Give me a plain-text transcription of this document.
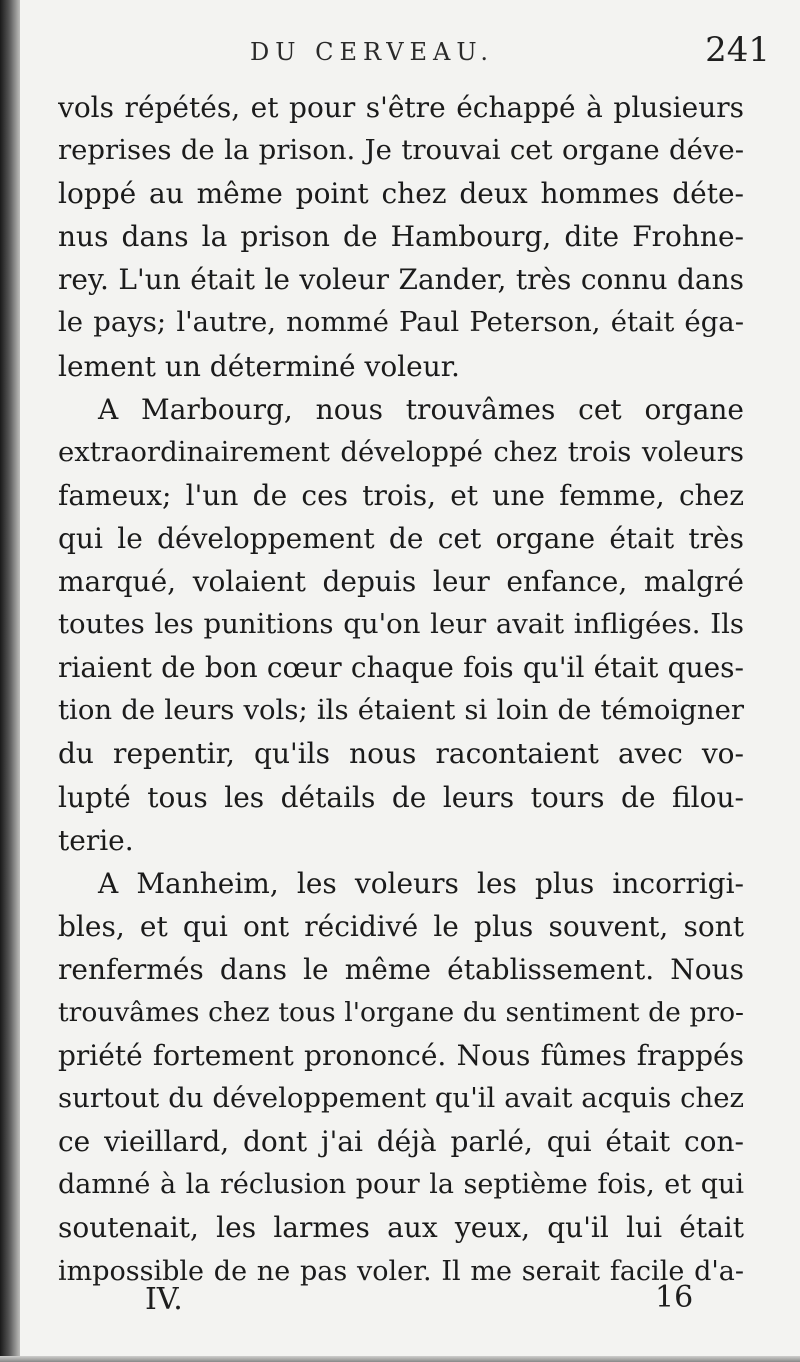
DU CERVEAU.	241
vols répétés, et pour s'être échappé à plusieurs
reprises de la prison. Je trouvai cet organe déve-
loppé au même point chez deux hommes déte-
nus dans la prison de Hambourg, dite Frohne-
rey. L'un était le voleur Zander, très connu dans
le pays; l'autre, nommé Paul Peterson, était éga-
lement un déterminé voleur.
A Marbourg, nous trouvâmes cet organe
extraordinairement développé chez trois voleurs
fameux; l'un de ces trois, et une femme, chez
qui le développement de cet organe était très
marqué, volaient depuis leur enfance, malgré
toutes les punitions qu'on leur avait infligées. Ils
riaient de bon cœur chaque fois qu'il était ques-
tion de leurs vols; ils étaient si loin de témoigner
du repentir, qu'ils nous racontaient avec vo-
lupté tous les détails de leurs tours de filou-
terie.
A Manheim, les voleurs les plus incorrigi-
bles, et qui ont récidivé le plus souvent, sont
renfermés dans le même établissement. Nous
trouvâmes chez tous l'organe du sentiment de pro-
priété fortement prononcé. Nous fûmes frappés
surtout du développement qu'il avait acquis chez
ce vieillard, dont j'ai déjà parlé, qui était con-
damné à la réclusion pour la septième fois, et qui
soutenait, les larmes aux yeux, qu'il lui était
impossible de ne pas voler. Il me serait facile d'a-
IV.	16
